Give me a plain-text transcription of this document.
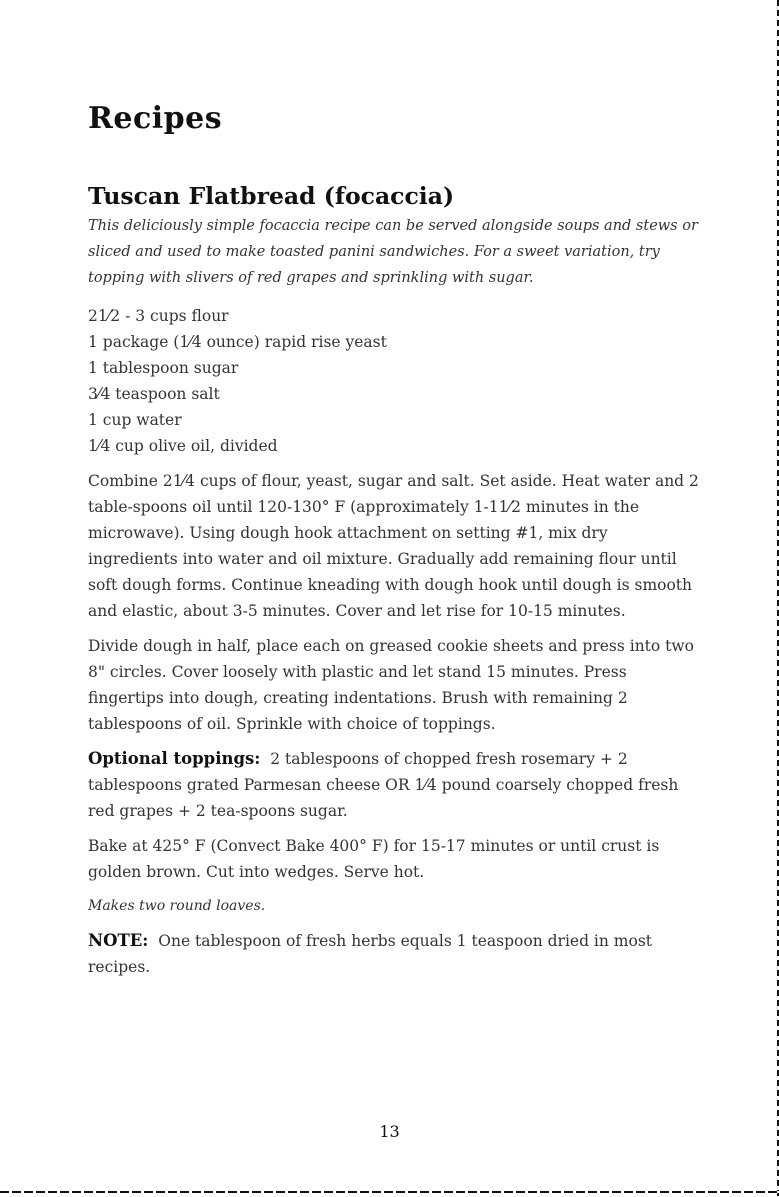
Recipes
Tuscan Flatbread (focaccia)

This deliciously simple focaccia recipe can be served alongside soups and stews or sliced and used to make toasted panini sandwiches. For a sweet variation, try topping with slivers of red grapes and sprinkling with sugar.

21⁄2 - 3 cups flour
1 package (1⁄4 ounce) rapid rise yeast
1 tablespoon sugar
3⁄4 teaspoon salt
1 cup water
1⁄4 cup olive oil, divided

Combine 21⁄4 cups of flour, yeast, sugar and salt. Set aside. Heat water and 2 table-spoons oil until 120-130° F (approximately 1-11⁄2 minutes in the microwave). Using dough hook attachment on setting #1, mix dry ingredients into water and oil mixture. Gradually add remaining flour until soft dough forms. Continue kneading with dough hook until dough is smooth and elastic, about 3-5 minutes. Cover and let rise for 10-15 minutes.

Divide dough in half, place each on greased cookie sheets and press into two 8" circles. Cover loosely with plastic and let stand 15 minutes. Press fingertips into dough, creating indentations. Brush with remaining 2 tablespoons of oil. Sprinkle with choice of toppings.

Optional toppings: 2 tablespoons of chopped fresh rosemary + 2 tablespoons grated Parmesan cheese OR 1⁄4 pound coarsely chopped fresh red grapes + 2 tea-spoons sugar.

Bake at 425° F (Convect Bake 400° F) for 15-17 minutes or until crust is golden brown. Cut into wedges. Serve hot.

Makes two round loaves.

NOTE: One tablespoon of fresh herbs equals 1 teaspoon dried in most recipes.

13
